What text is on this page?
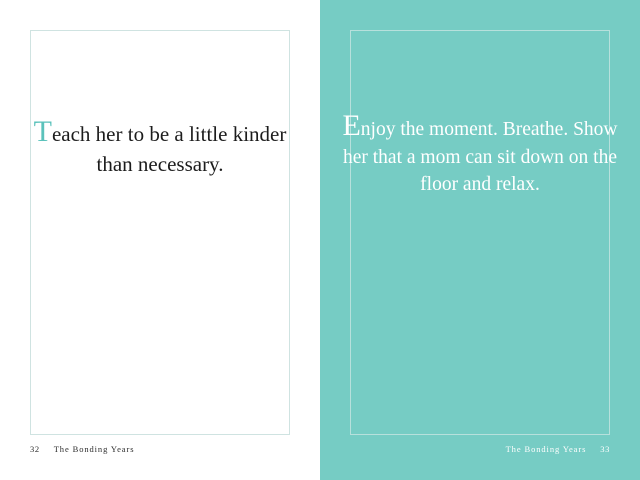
Teach her to be a little kinder than necessary.
32 The Bonding Years
Enjoy the moment. Breathe. Show her that a mom can sit down on the floor and relax.
The Bonding Years 33
